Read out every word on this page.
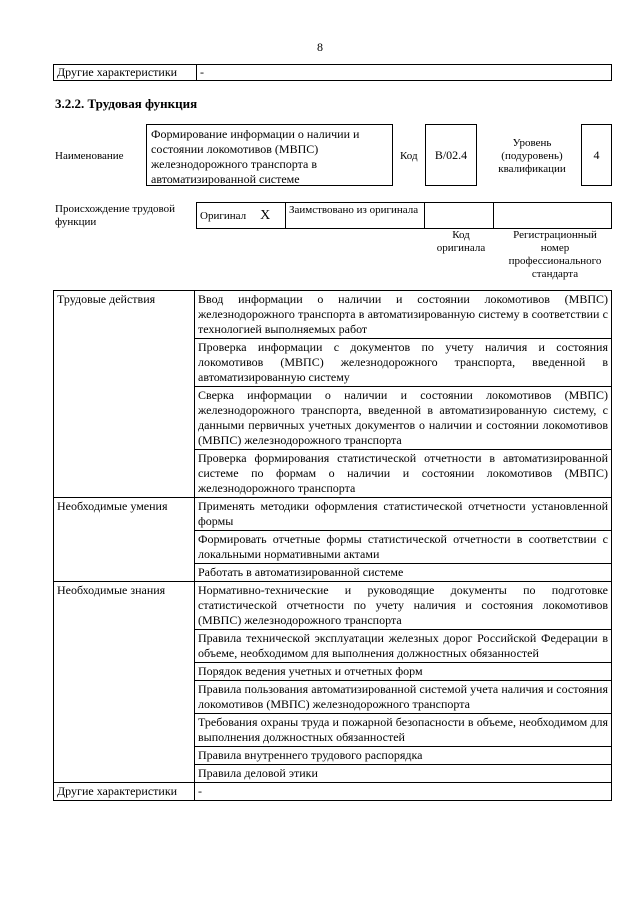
8
Другие характеристики	-
3.2.2. Трудовая функция
Наименование
Формирование информации о наличии и состоянии локомотивов (МВПС) железнодорожного транспорта в автоматизированной системе
Код	В/02.4
Уровень (подуровень) квалификации
4
Происхождение трудовой функции
Оригинал X	Заимствовано из оригинала		
Код оригинала
Регистрационный номер профессионального стандарта
Трудовые действия	Ввод информации о наличии и состоянии локомотивов (МВПС) железнодорожного транспорта в автоматизированную систему в соответствии с технологией выполняемых работ
	Проверка информации с документов по учету наличия и состояния локомотивов (МВПС) железнодорожного транспорта, введенной в автоматизированную систему
	Сверка информации о наличии и состоянии локомотивов (МВПС) железнодорожного транспорта, введенной в автоматизированную систему, с данными первичных учетных документов о наличии и состоянии локомотивов (МВПС) железнодорожного транспорта
	Проверка формирования статистической отчетности в автоматизированной системе по формам о наличии и состоянии локомотивов (МВПС) железнодорожного транспорта
Необходимые умения	Применять методики оформления статистической отчетности установленной формы
	Формировать отчетные формы статистической отчетности в соответствии с локальными нормативными актами
	Работать в автоматизированной системе
Необходимые знания	Нормативно-технические и руководящие документы по подготовке статистической отчетности по учету наличия и состояния локомотивов (МВПС) железнодорожного транспорта
	Правила технической эксплуатации железных дорог Российской Федерации в объеме, необходимом для выполнения должностных обязанностей
	Порядок ведения учетных и отчетных форм
	Правила пользования автоматизированной системой учета наличия и состояния локомотивов (МВПС) железнодорожного транспорта
	Требования охраны труда и пожарной безопасности в объеме, необходимом для выполнения должностных обязанностей
	Правила внутреннего трудового распорядка
	Правила деловой этики
Другие характеристики	-
